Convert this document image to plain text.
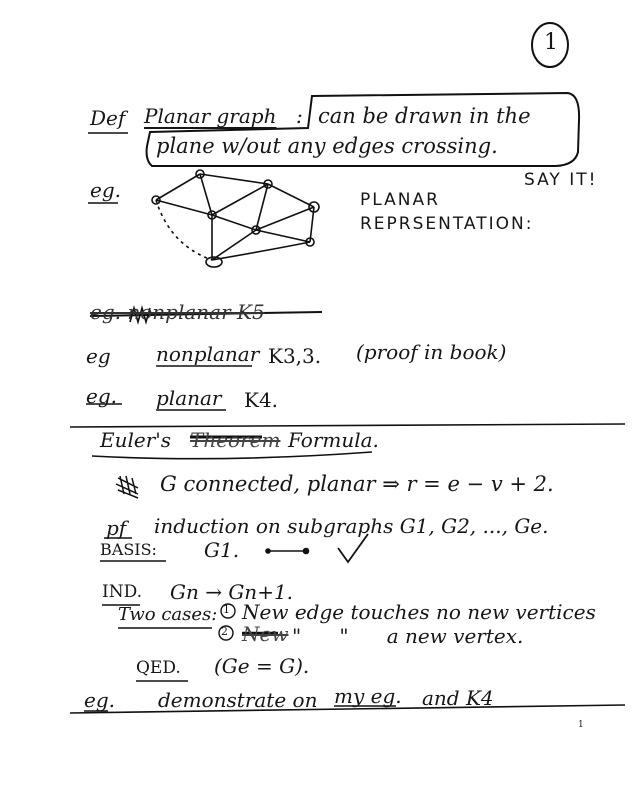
1
Def Planar graph : can be drawn in the
plane w/out any edges crossing.
eg.	SAY IT!
PLANAR
REPRSENTATION:
eg. nonplanar K5
eg nonplanar K3,3. (proof in book)
eg. planar K4.
Euler's Theorem Formula.
G connected, planar ⇒ r = e − v + 2.
pf induction on subgraphs G1, G2, ..., Ge.
BASIS: G1.
IND. Gn → Gn+1.
Two cases: 1 New edge touches no new vertices
2 New "      "      a new vertex.
QED. (Ge = G).
eg. demonstrate on my eg. and K4
1
